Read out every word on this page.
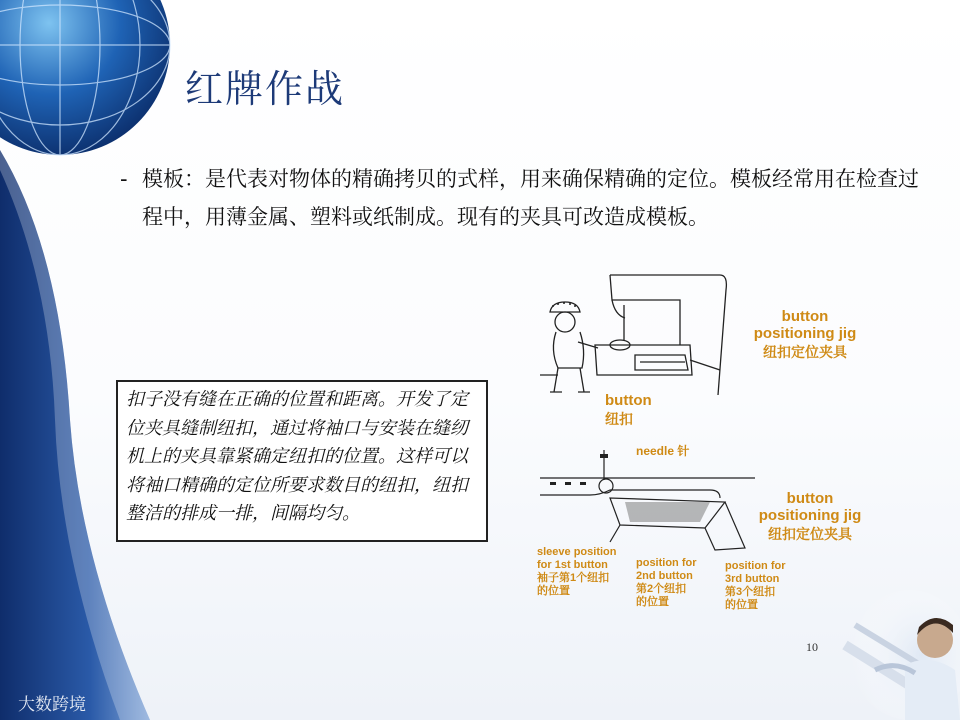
红牌作战
- 模板：是代表对物体的精确拷贝的式样，用来确保精确的定位。模板经常用在检查过程中，用薄金属、塑料或纸制成。现有的夹具可改造成模板。
扣子没有缝在正确的位置和距离。开发了定位夹具缝制纽扣，通过将袖口与安装在缝纫机上的夹具靠紧确定纽扣的位置。这样可以将袖口精确的定位所要求数目的纽扣，纽扣整洁的排成一排，间隔均匀。
button
positioning jig
纽扣定位夹具
button
纽扣
needle 针
button
positioning jig
纽扣定位夹具
sleeve position
for 1st button
袖子第1个纽扣
的位置
position for
2nd button
第2个纽扣
的位置
position for
3rd button
第3个纽扣
的位置
10
大数跨境
